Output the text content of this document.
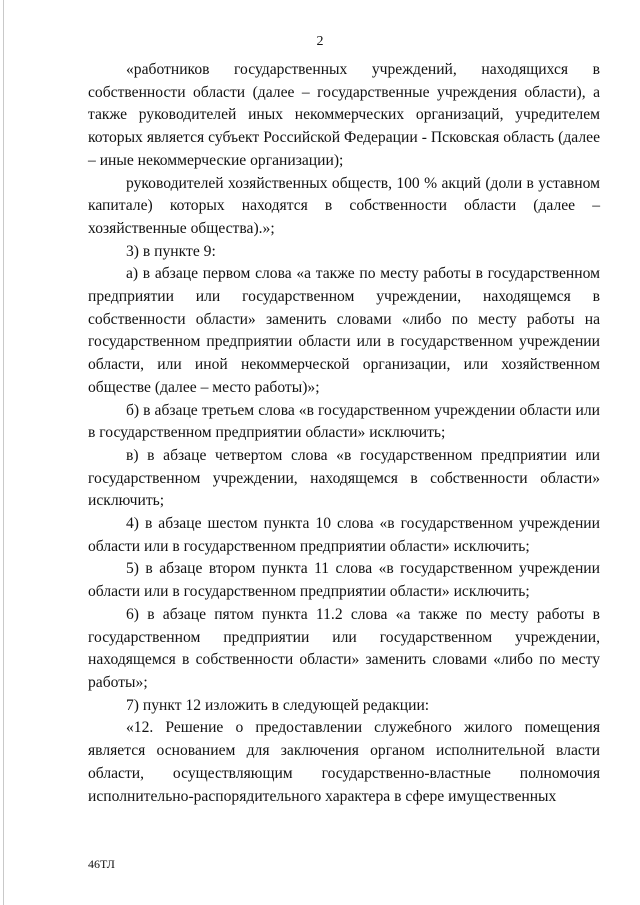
2

«работников государственных учреждений, находящихся в собственности области (далее – государственные учреждения области), а также руководителей иных некоммерческих организаций, учредителем которых является субъект Российской Федерации - Псковская область (далее – иные некоммерческие организации);

руководителей хозяйственных обществ, 100 % акций (доли в уставном капитале) которых находятся в собственности области (далее – хозяйственные общества).»;

3) в пункте 9:

а) в абзаце первом слова «а также по месту работы в государственном предприятии или государственном учреждении, находящемся в собственности области» заменить словами «либо по месту работы на государственном предприятии области или в государственном учреждении области, или иной некоммерческой организации, или хозяйственном обществе (далее – место работы)»;

б) в абзаце третьем слова «в государственном учреждении области или в государственном предприятии области» исключить;

в) в абзаце четвертом слова «в государственном предприятии или государственном учреждении, находящемся в собственности области» исключить;

4) в абзаце шестом пункта 10 слова «в государственном учреждении области или в государственном предприятии области» исключить;

5) в абзаце втором пункта 11 слова «в государственном учреждении области или в государственном предприятии области» исключить;

6) в абзаце пятом пункта 11.2 слова «а также по месту работы в государственном предприятии или государственном учреждении, находящемся в собственности области» заменить словами «либо по месту работы»;

7) пункт 12 изложить в следующей редакции:

«12. Решение о предоставлении служебного жилого помещения является основанием для заключения органом исполнительной власти области, осуществляющим государственно-властные полномочия исполнительно-распорядительного характера в сфере имущественных

46ТЛ
